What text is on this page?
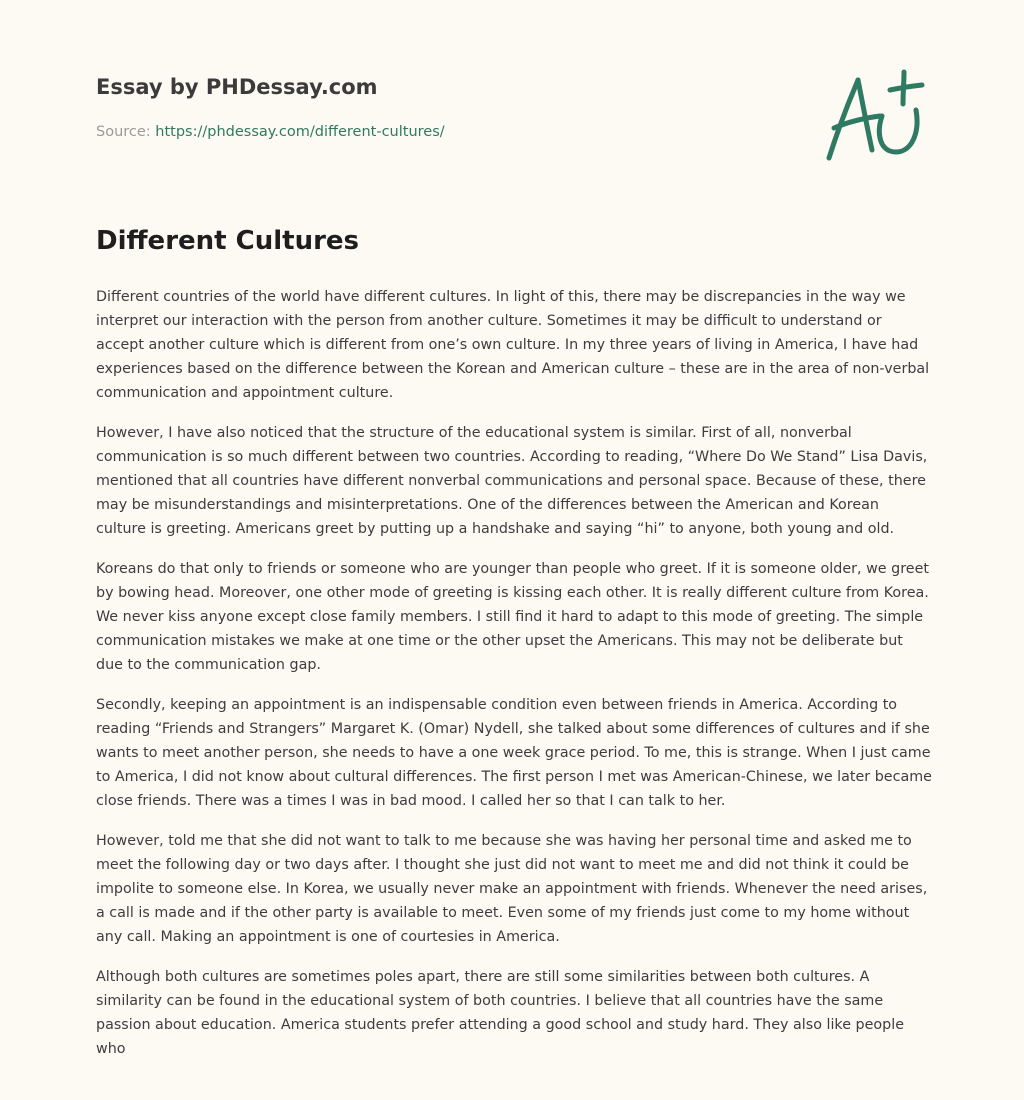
Essay by PHDessay.com
Source: https://phdessay.com/different-cultures/
Different Cultures

Different countries of the world have different cultures. In light of this, there may be discrepancies in the way we interpret our interaction with the person from another culture. Sometimes it may be difficult to understand or accept another culture which is different from one’s own culture. In my three years of living in America, I have had experiences based on the difference between the Korean and American culture – these are in the area of non-verbal communication and appointment culture.

However, I have also noticed that the structure of the educational system is similar. First of all, nonverbal communication is so much different between two countries. According to reading, “Where Do We Stand” Lisa Davis, mentioned that all countries have different nonverbal communications and personal space. Because of these, there may be misunderstandings and misinterpretations. One of the differences between the American and Korean culture is greeting. Americans greet by putting up a handshake and saying “hi” to anyone, both young and old.

Koreans do that only to friends or someone who are younger than people who greet. If it is someone older, we greet by bowing head. Moreover, one other mode of greeting is kissing each other. It is really different culture from Korea. We never kiss anyone except close family members. I still find it hard to adapt to this mode of greeting. The simple communication mistakes we make at one time or the other upset the Americans. This may not be deliberate but due to the communication gap.

Secondly, keeping an appointment is an indispensable condition even between friends in America. According to reading “Friends and Strangers” Margaret K. (Omar) Nydell, she talked about some differences of cultures and if she wants to meet another person, she needs to have a one week grace period. To me, this is strange. When I just came to America, I did not know about cultural differences. The first person I met was American-Chinese, we later became close friends. There was a times I was in bad mood. I called her so that I can talk to her.

However, told me that she did not want to talk to me because she was having her personal time and asked me to meet the following day or two days after. I thought she just did not want to meet me and did not think it could be impolite to someone else. In Korea, we usually never make an appointment with friends. Whenever the need arises, a call is made and if the other party is available to meet. Even some of my friends just come to my home without any call. Making an appointment is one of courtesies in America.

Although both cultures are sometimes poles apart, there are still some similarities between both cultures. A similarity can be found in the educational system of both countries. I believe that all countries have the same passion about education. America students prefer attending a good school and study hard. They also like people who
